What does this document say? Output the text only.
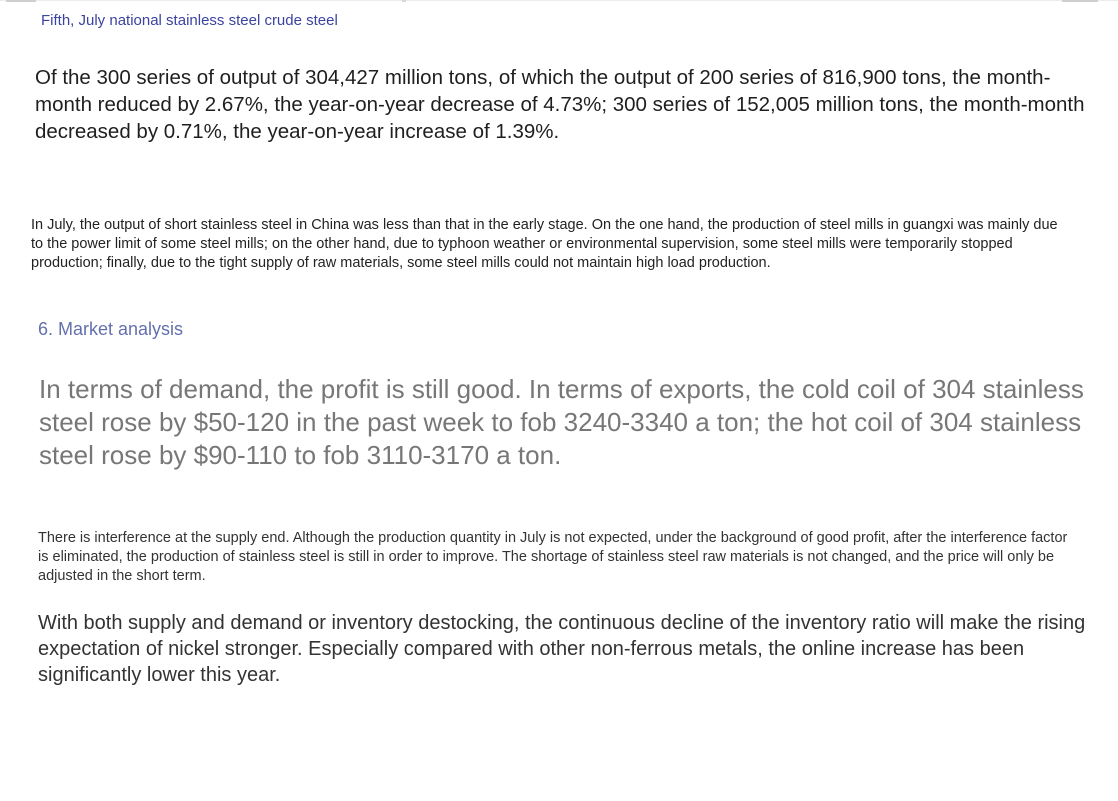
Fifth, July national stainless steel crude steel

Of the 300 series of output of 304,427 million tons, of which the output of 200 series of 816,900 tons, the month-month reduced by 2.67%, the year-on-year decrease of 4.73%; 300 series of 152,005 million tons, the month-month decreased by 0.71%, the year-on-year increase of 1.39%.

In July, the output of short stainless steel in China was less than that in the early stage. On the one hand, the production of steel mills in guangxi was mainly due to the power limit of some steel mills; on the other hand, due to typhoon weather or environmental supervision, some steel mills were temporarily stopped production; finally, due to the tight supply of raw materials, some steel mills could not maintain high load production.

6. Market analysis

In terms of demand, the profit is still good. In terms of exports, the cold coil of 304 stainless steel rose by $50-120 in the past week to fob 3240-3340 a ton; the hot coil of 304 stainless steel rose by $90-110 to fob 3110-3170 a ton.

There is interference at the supply end. Although the production quantity in July is not expected, under the background of good profit, after the interference factor is eliminated, the production of stainless steel is still in order to improve. The shortage of stainless steel raw materials is not changed, and the price will only be adjusted in the short term.

With both supply and demand or inventory destocking, the continuous decline of the inventory ratio will make the rising expectation of nickel stronger. Especially compared with other non-ferrous metals, the online increase has been significantly lower this year.
